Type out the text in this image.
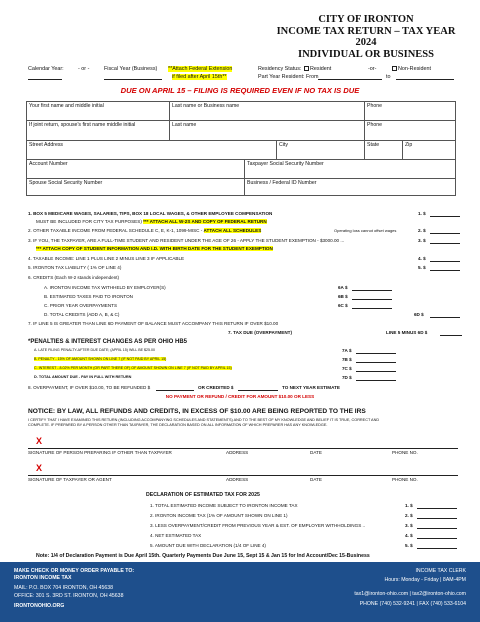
CITY OF IRONTON
INCOME TAX RETURN – TAX YEAR 2024
INDIVIDUAL OR BUSINESS
Calendar Year:	- or -	Fiscal Year (Business) **Attach Federal Extension
if filed after April 15th**
Residency Status:	Resident	-or-	Non-Resident
Part Year Resident: From	to
DUE ON APRIL 15 – FILING IS REQUIRED EVEN IF NO TAX IS DUE
Your first name and middle initial	Last name or Business name	Phone
If joint return, spouse's first name middle initial	Last name	Phone
Street Address	City	State	Zip
Account Number	Taxpayer Social Security Number
Spouse Social Security Number	Business / Federal ID Number
1. BOX 5 MEDICARE WAGES, SALARIES, TIPS, BOX 18 LOCAL WAGES, & OTHER EMPLOYEE COMPENSATION
MUST BE INCLUDED FOR CITY TAX PURPOSES) *** ATTACH ALL W-2S AND COPY OF FEDERAL RETURN
1. $
2. OTHER TAXABLE INCOME FROM FEDERAL SCHEDULE C, E, K-1, 1099-MISC - ATTACH ALL SCHEDULES	Operating loss cannot offset wages	2. $
3. IF YOU, THE TAXPAYER, ARE A FULL-TIME STUDENT AND RESIDENT UNDER THE AGE OF 26 - APPLY THE STUDENT EXEMPTION - $3000.00 ...	3. $
*** ATTACH COPY OF STUDENT INFORMATION AND I.D. WITH BIRTH DATE FOR THE STUDENT EXEMPTION
4. TAXABLE INCOME: LINE 1 PLUS LINE 2 MINUS LINE 3 IF APPLICABLE	4. $
5. IRONTON TAX LIABILITY ( 1% OF LINE 4)	5. $
6. CREDITS (Each W-2 stands independent)
A. IRONTON INCOME TAX WITHHELD BY EMPLOYER(S)	6A $
B. ESTIMATED TAXES PAID TO IRONTON	6B $
C. PRIOR YEAR OVERPAYMENTS	6C $
D. TOTAL CREDITS (ADD A, B, & C)	6D $
7. IF LINE 5 IS GREATER THAN LINE 6D PAYMENT OF BALANCE MUST ACCOMPANY THIS RETURN IF OVER $10.00
7. TAX DUE (OVERPAYMENT)	LINE 5 MINUS 6D $
*PENALTIES & INTEREST CHANGES AS PER OHIO HB5
A. LATE FILING PENALTY-AFTER DUE DATE; (APRIL 15) WILL BE $25.00	7A $
B. PENALTY - 15% OF AMOUNT SHOWN ON LINE 7 (IF NOT PAID BY APRIL 15)	7B $
C. INTEREST - 8.02% PER MONTH (OR PART THERE OF) OF AMOUNT SHOWN ON LINE 7 (IF NOT PAID BY APRIL 15)	7C $
D. TOTAL AMOUNT DUE - PAY IN FULL WITH RETURN	7D $
8. OVERPAYMENT, IF OVER $10.00, TO BE REFUNDED $	OR CREDITED $	TO NEXT YEAR ESTIMATE
NO PAYMENT OR REFUND / CREDIT FOR AMOUNT $10.00 OR LESS
NOTICE: BY LAW, ALL REFUNDS AND CREDITS, IN EXCESS OF $10.00 ARE BEING REPORTED TO THE IRS
I CERTIFY THAT I HAVE EXAMINED THIS RETURN (INCLUDING ACCOMPANYING SCHEDULES AND STATEMENTS) AND TO THE BEST OF MY KNOWLEDGE AND BELIEF IT IS TRUE, CORRECT AND
COMPLETE. IF PREPARED BY A PERSON OTHER THAN TAXPAYER, THE DECLARATION BASED ON ALL INFORMATION OF WHICH PREPARER HAS ANY KNOWLEDGE.
X
SIGNATURE OF PERSON PREPARING IF OTHER THAN TAXPAYER	ADDRESS	DATE	PHONE NO.
X
SIGNATURE OF TAXPAYER OR AGENT	ADDRESS	DATE	PHONE NO.
DECLARATION OF ESTIMATED TAX FOR 2025
1. TOTAL ESTIMATED INCOME SUBJECT TO IRONTON INCOME TAX	1. $
2. IRONTON INCOME TAX (1% OF AMOUNT SHOWN ON LINE 1)	2. $
3. LESS OVERPAYMENT/CREDIT FROM PREVIOUS YEAR & EST. OF EMPLOYER WITHHOLDINGS ..	3. $
4. NET ESTIMATED TAX	4. $
5. AMOUNT DUE WITH DECLARATION (1/4 OF LINE 4)	5. $
Note: 1/4 of Declaration Payment is Due April 15th. Quarterly Payments Due June 15, Sept 15 & Jan 15 for Ind Account/Dec 15-Business
MAKE CHECK OR MONEY ORDER PAYABLE TO:
IRONTON INCOME TAX
MAIL: P.O. BOX 704 IRONTON, OH 45638
OFFICE: 301 S. 3RD ST. IRONTON, OH 45638
IRONTONOHIO.ORG
INCOME TAX CLERK
Hours: Monday - Friday | 8AM-4PM
tax1@ironton-ohio.com | tax2@ironton-ohio.com
PHONE (740) 532-9241 | FAX (740) 533-6104
